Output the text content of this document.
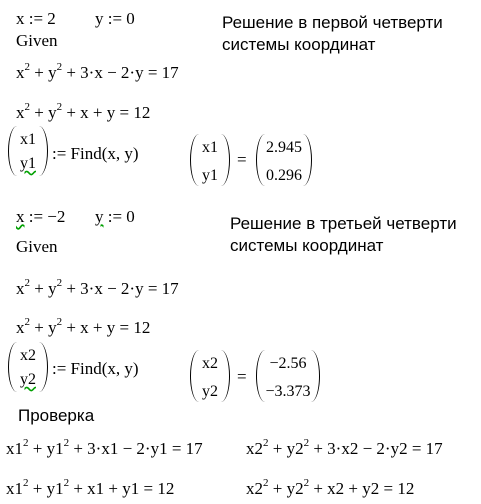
x := 2 y := 0
Given
Решение в первой четверти
системы координат
$x^2 + y^2 + 3\cdot x - 2\cdot y = 17$
$x^2 + y^2 + x + y = 12$
x1
y1
:= Find(x, y)	x1
y1
=
2.945
0.296
x := −2 y := 0
Given
Решение в третьей четверти
системы координат
$x^2 + y^2 + 3\cdot x - 2\cdot y = 17$
$x^2 + y^2 + x + y = 12$
x2
y2
:= Find(x, y)	x2
y2
=
−2.56
−3.373
Проверка
$x1^2 + y1^2 + 3\cdot x1 - 2\cdot y1 = 17$	$x2^2 + y2^2 + 3\cdot x2 - 2\cdot y2 = 17$
$x1^2 + y1^2 + x1 + y1 = 12$	$x2^2 + y2^2 + x2 + y2 = 12$
